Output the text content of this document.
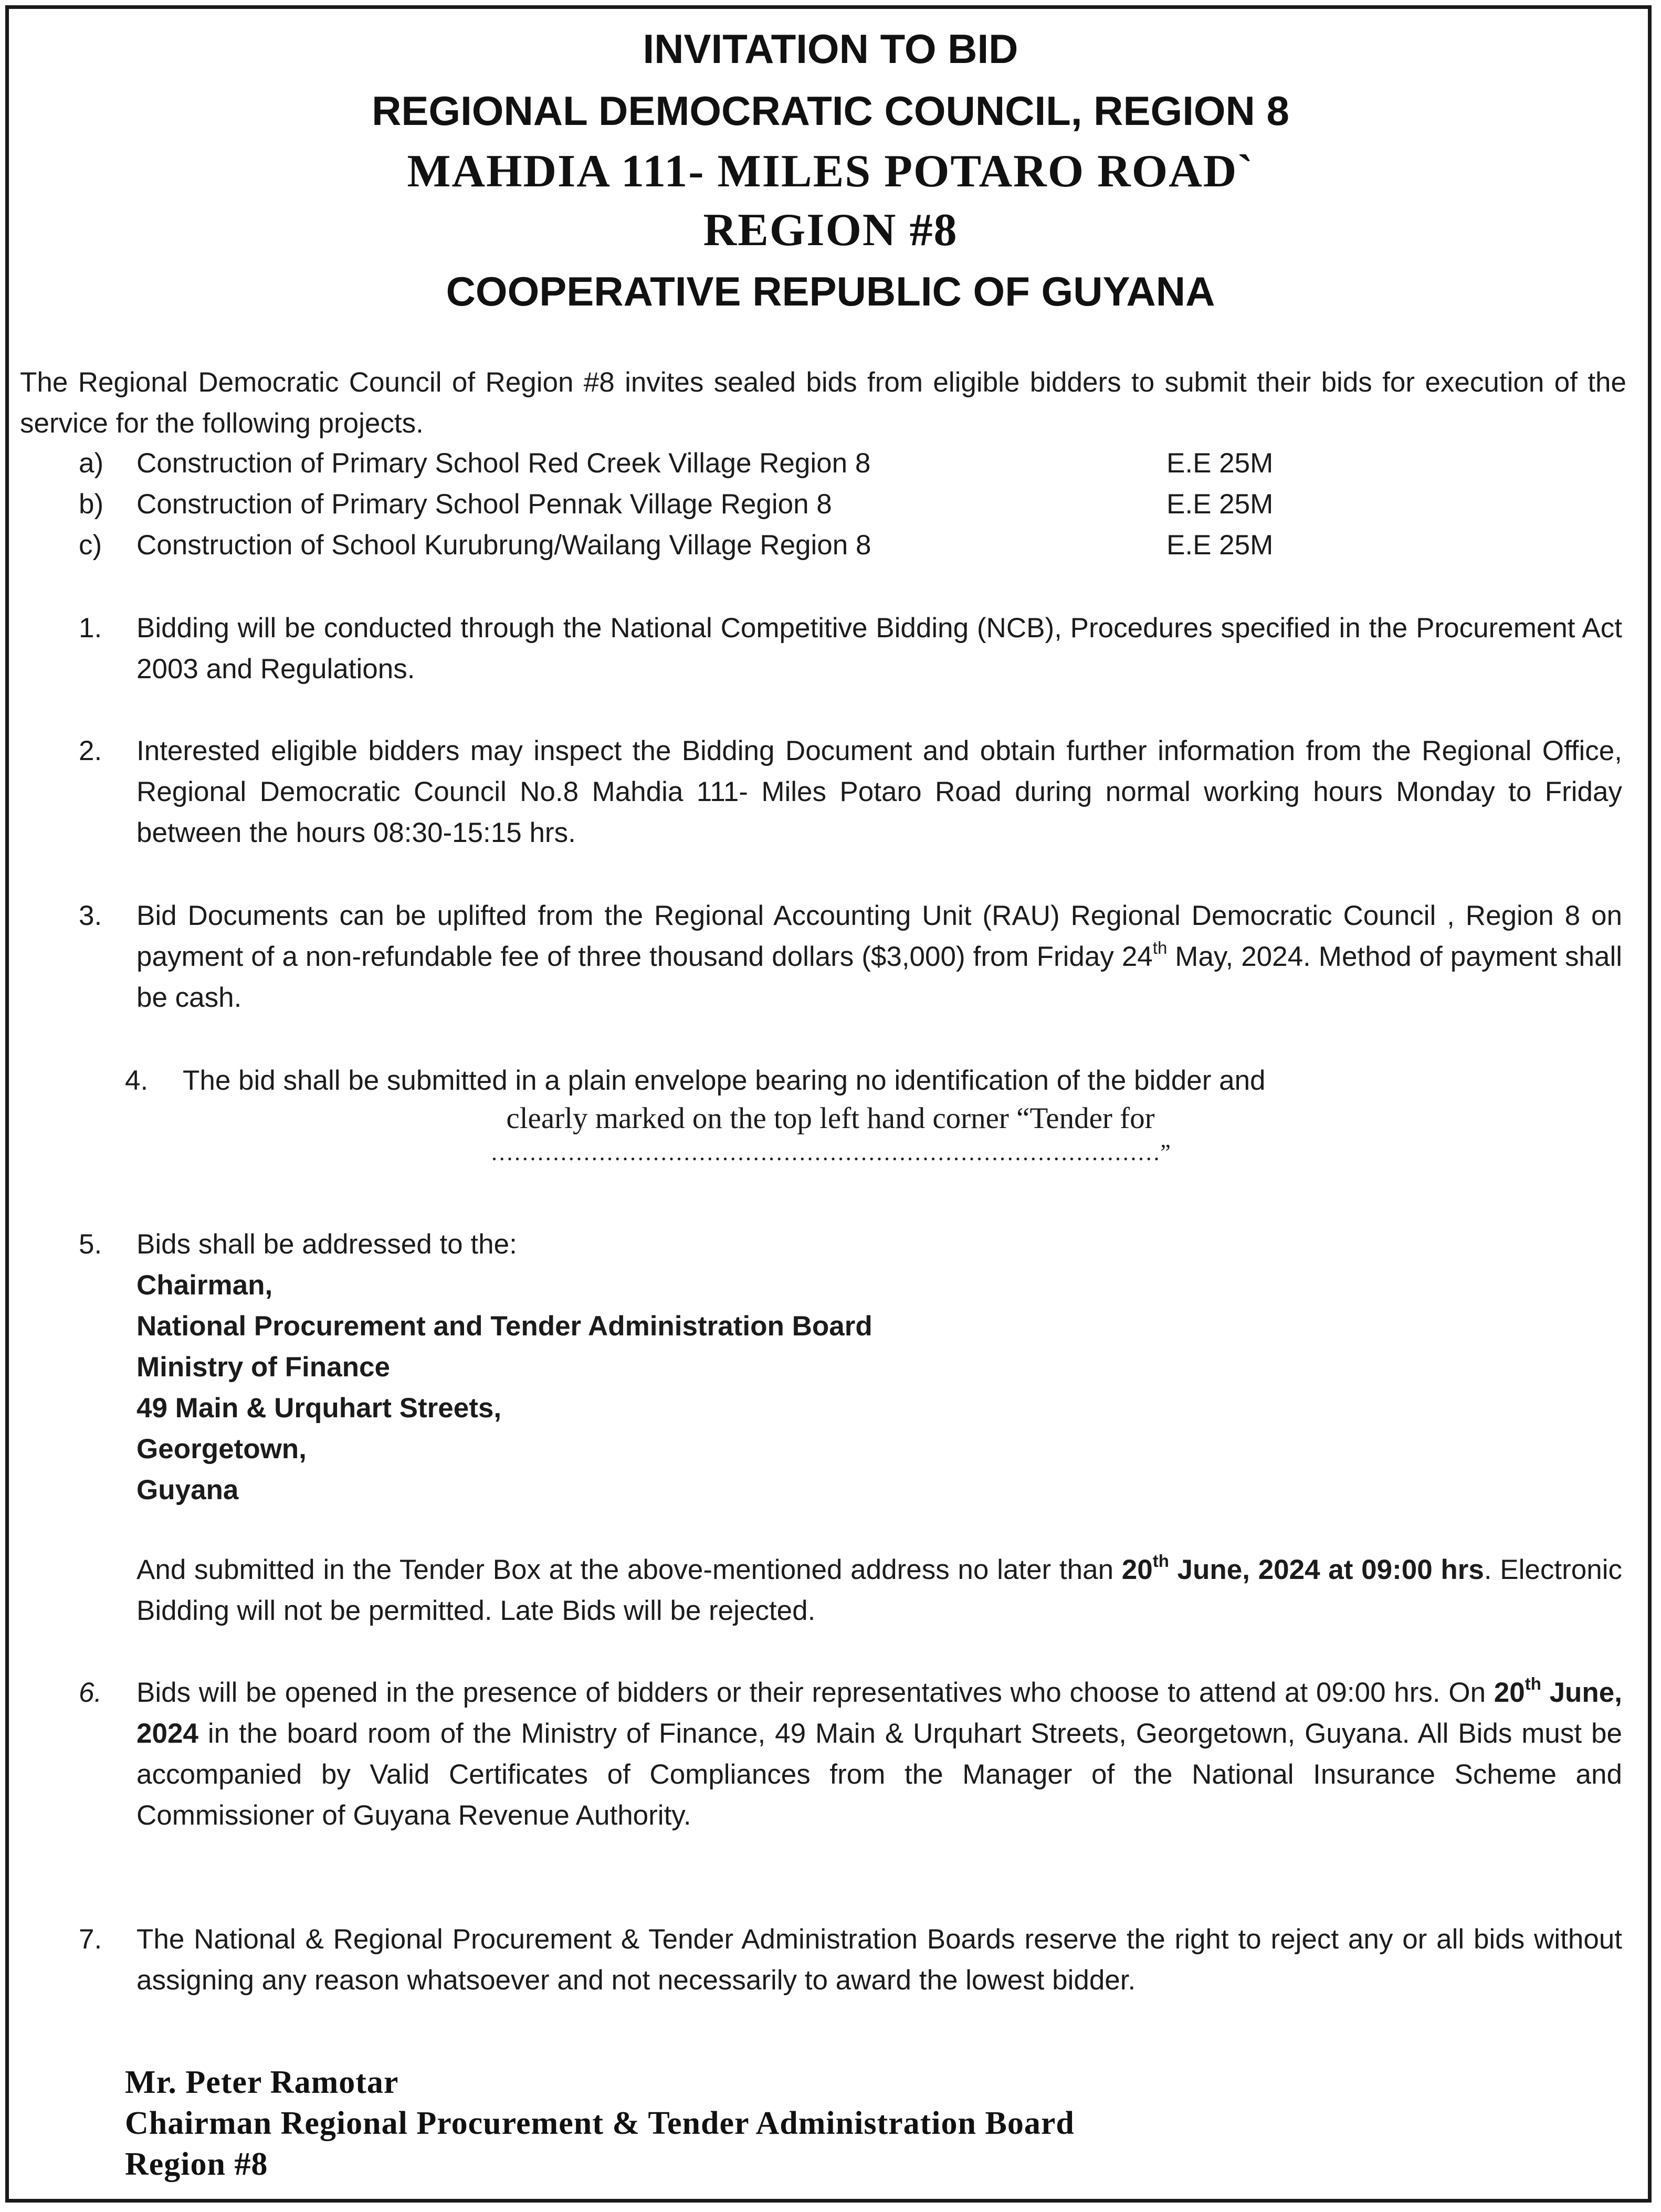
INVITATION TO BID
REGIONAL DEMOCRATIC COUNCIL, REGION 8
MAHDIA 111- MILES POTARO ROAD`
REGION #8
COOPERATIVE REPUBLIC OF GUYANA

The Regional Democratic Council of Region #8 invites sealed bids from eligible bidders to submit their bids for execution of the service for the following projects.

a) Construction of Primary School Red Creek Village Region 8	E.E 25M
b) Construction of Primary School Pennak Village Region 8	E.E 25M
c) Construction of School Kurubrung/Wailang Village Region 8	E.E 25M
1. Bidding will be conducted through the National Competitive Bidding (NCB), Procedures specified in the Procurement Act 2003 and Regulations.

2. Interested eligible bidders may inspect the Bidding Document and obtain further information from the Regional Office, Regional Democratic Council No.8 Mahdia 111- Miles Potaro Road during normal working hours Monday to Friday between the hours 08:30-15:15 hrs.

3. Bid Documents can be uplifted from the Regional Accounting Unit (RAU) Regional Democratic Council , Region 8 on payment of a non-refundable fee of three thousand dollars ($3,000) from Friday 24th May, 2024. Method of payment shall be cash.

4. The bid shall be submitted in a plain envelope bearing no identification of the bidder and
clearly marked on the top left hand corner “Tender for
……………………………………………………………………………”
5. Bids shall be addressed to the:

Chairman,
National Procurement and Tender Administration Board
Ministry of Finance
49 Main & Urquhart Streets,
Georgetown,
Guyana

And submitted in the Tender Box at the above-mentioned address no later than 20th June, 2024 at 09:00 hrs. Electronic Bidding will not be permitted. Late Bids will be rejected.

6. Bids will be opened in the presence of bidders or their representatives who choose to attend at 09:00 hrs. On 20th June, 2024 in the board room of the Ministry of Finance, 49 Main & Urquhart Streets, Georgetown, Guyana. All Bids must be accompanied by Valid Certificates of Compliances from the Manager of the National Insurance Scheme and Commissioner of Guyana Revenue Authority.

7. The National & Regional Procurement & Tender Administration Boards reserve the right to reject any or all bids without assigning any reason whatsoever and not necessarily to award the lowest bidder.

Mr. Peter Ramotar
Chairman Regional Procurement & Tender Administration Board
Region #8
